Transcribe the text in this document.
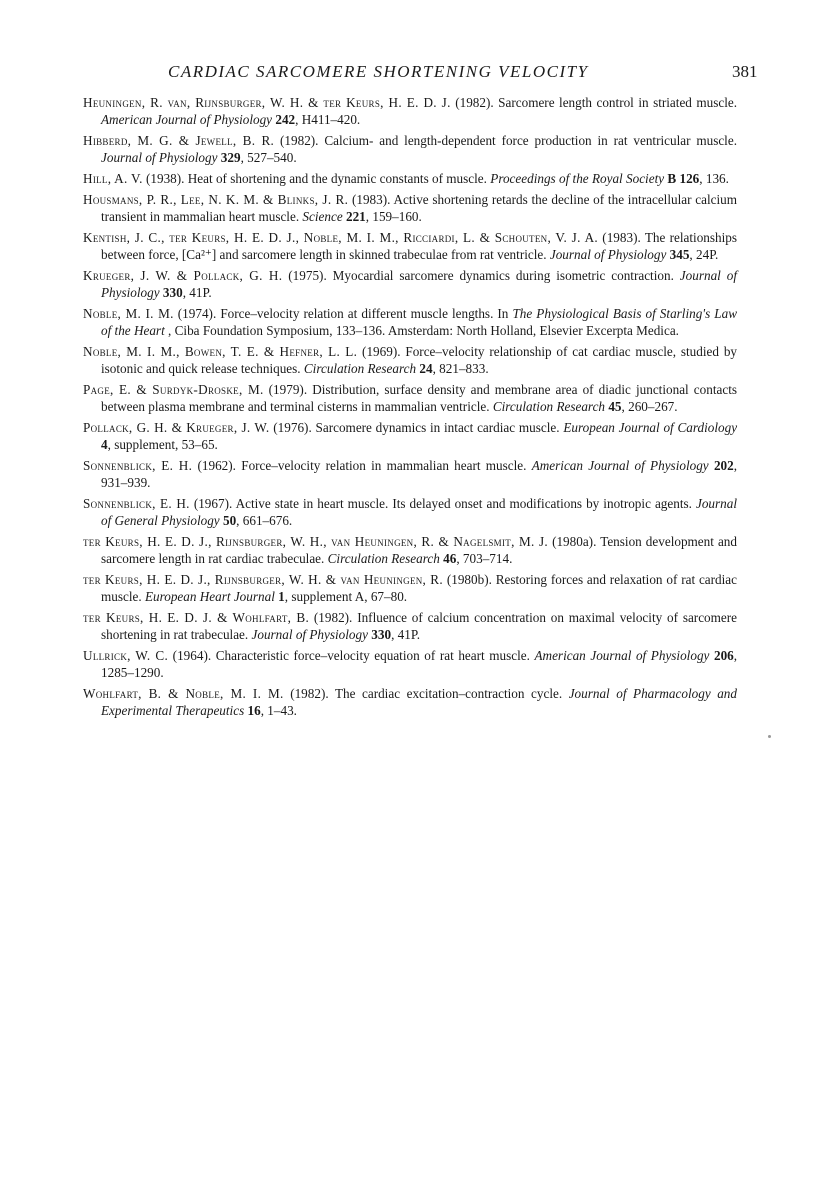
CARDIAC SARCOMERE SHORTENING VELOCITY	381
Heuningen, R. van, Rijnsburger, W. H. & ter Keurs, H. E. D. J. (1982). Sarcomere length control in striated muscle. American Journal of Physiology 242, H411–420.
Hibberd, M. G. & Jewell, B. R. (1982). Calcium- and length-dependent force production in rat ventricular muscle. Journal of Physiology 329, 527–540.
Hill, A. V. (1938). Heat of shortening and the dynamic constants of muscle. Proceedings of the Royal Society B 126, 136.
Housmans, P. R., Lee, N. K. M. & Blinks, J. R. (1983). Active shortening retards the decline of the intracellular calcium transient in mammalian heart muscle. Science 221, 159–160.
Kentish, J. C., ter Keurs, H. E. D. J., Noble, M. I. M., Ricciardi, L. & Schouten, V. J. A. (1983). The relationships between force, [Ca²⁺] and sarcomere length in skinned trabeculae from rat ventricle. Journal of Physiology 345, 24P.
Krueger, J. W. & Pollack, G. H. (1975). Myocardial sarcomere dynamics during isometric contraction. Journal of Physiology 330, 41P.
Noble, M. I. M. (1974). Force–velocity relation at different muscle lengths. In The Physiological Basis of Starling's Law of the Heart , Ciba Foundation Symposium, 133–136. Amsterdam: North Holland, Elsevier Excerpta Medica.
Noble, M. I. M., Bowen, T. E. & Hefner, L. L. (1969). Force–velocity relationship of cat cardiac muscle, studied by isotonic and quick release techniques. Circulation Research 24, 821–833.
Page, E. & Surdyk-Droske, M. (1979). Distribution, surface density and membrane area of diadic junctional contacts between plasma membrane and terminal cisterns in mammalian ventricle. Circulation Research 45, 260–267.
Pollack, G. H. & Krueger, J. W. (1976). Sarcomere dynamics in intact cardiac muscle. European Journal of Cardiology 4, supplement, 53–65.
Sonnenblick, E. H. (1962). Force–velocity relation in mammalian heart muscle. American Journal of Physiology 202, 931–939.
Sonnenblick, E. H. (1967). Active state in heart muscle. Its delayed onset and modifications by inotropic agents. Journal of General Physiology 50, 661–676.
ter Keurs, H. E. D. J., Rijnsburger, W. H., van Heuningen, R. & Nagelsmit, M. J. (1980a). Tension development and sarcomere length in rat cardiac trabeculae. Circulation Research 46, 703–714.
ter Keurs, H. E. D. J., Rijnsburger, W. H. & van Heuningen, R. (1980b). Restoring forces and relaxation of rat cardiac muscle. European Heart Journal 1, supplement A, 67–80.
ter Keurs, H. E. D. J. & Wohlfart, B. (1982). Influence of calcium concentration on maximal velocity of sarcomere shortening in rat trabeculae. Journal of Physiology 330, 41P.
Ullrick, W. C. (1964). Characteristic force–velocity equation of rat heart muscle. American Journal of Physiology 206, 1285–1290.
Wohlfart, B. & Noble, M. I. M. (1982). The cardiac excitation–contraction cycle. Journal of Pharmacology and Experimental Therapeutics 16, 1–43.
